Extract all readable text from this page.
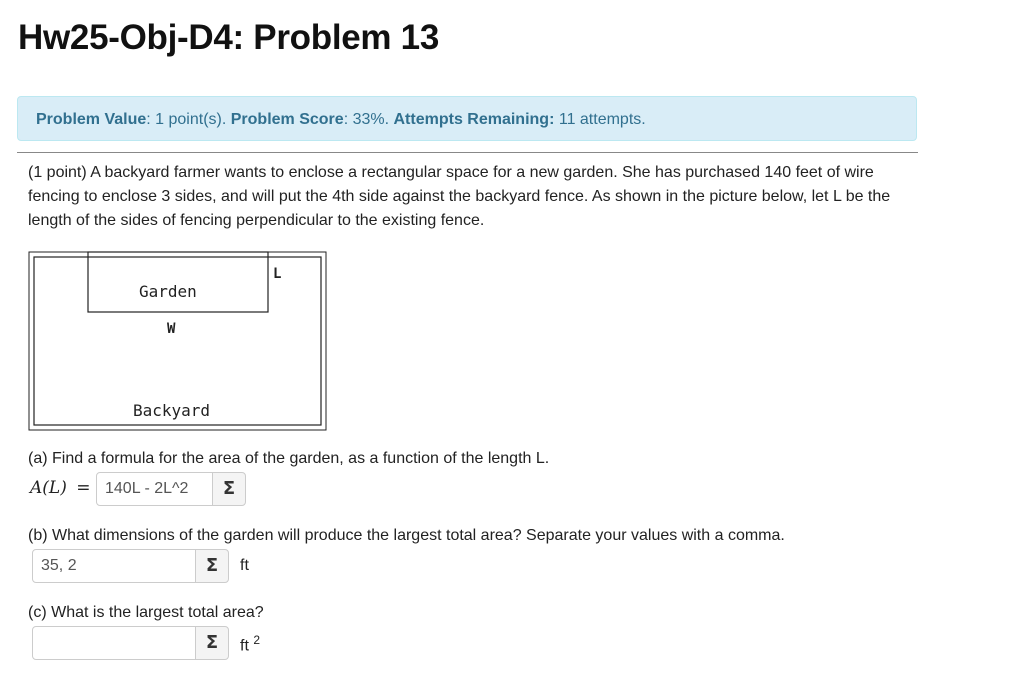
Hw25-Obj-D4: Problem 13
Problem Value: 1 point(s). Problem Score: 33%. Attempts Remaining: 11 attempts.

(1 point) A backyard farmer wants to enclose a rectangular space for a new garden. She has purchased 140 feet of wire fencing to enclose 3 sides, and will put the 4th side against the backyard fence. As shown in the picture below, let L be the length of the sides of fencing perpendicular to the existing fence.

Garden
L
W
Backyard

(a) Find a formula for the area of the garden, as a function of the length L.

A(L) = 140L - 2L^2	Σ

(b) What dimensions of the garden will produce the largest total area? Separate your values with a comma.

35, 2	Σ	ft

(c) What is the largest total area?

Σ	ft $^2$
